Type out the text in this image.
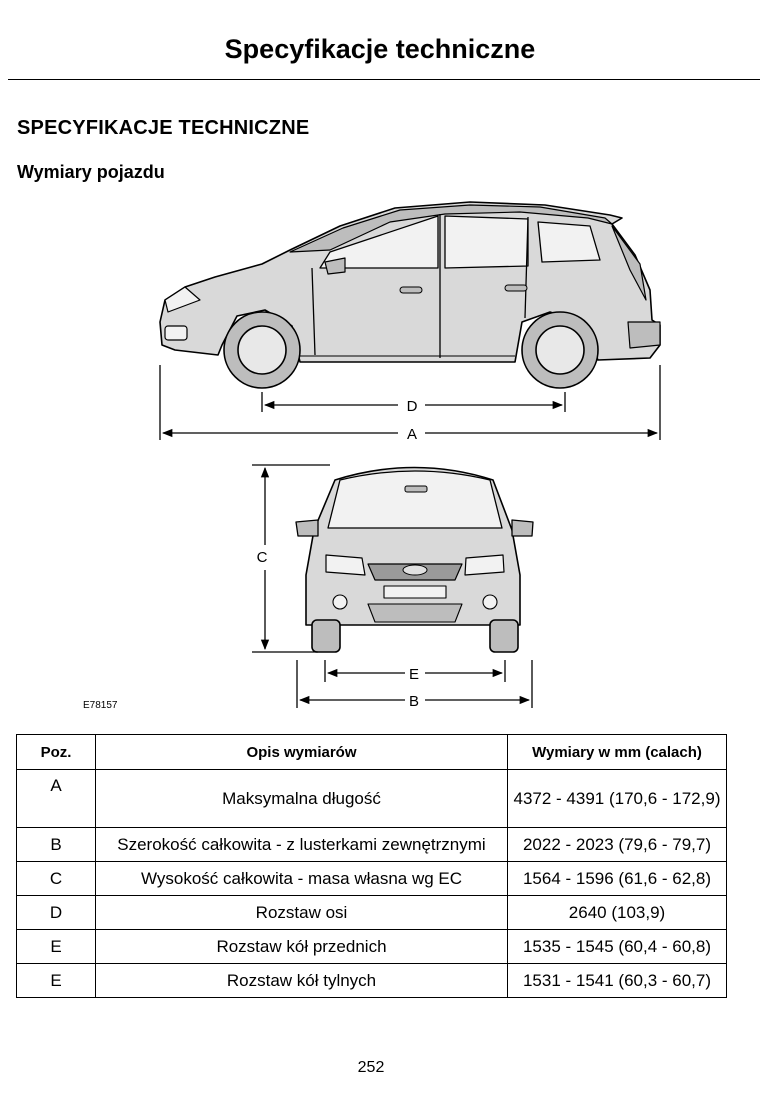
Specyfikacje techniczne
SPECYFIKACJE TECHNICZNE
Wymiary pojazdu
D
A
C
E
B
E78157
Poz.	Opis wymiarów	Wymiary w mm (calach)
A	Maksymalna długość	4372 - 4391 (170,6 - 172,9)
B	Szerokość całkowita - z lusterkami zewnętrznymi	2022 - 2023 (79,6 - 79,7)
C	Wysokość całkowita - masa własna wg EC	1564 - 1596 (61,6 - 62,8)
D	Rozstaw osi	2640 (103,9)
E	Rozstaw kół przednich	1535 - 1545 (60,4 - 60,8)
E	Rozstaw kół tylnych	1531 - 1541 (60,3 - 60,7)
252
